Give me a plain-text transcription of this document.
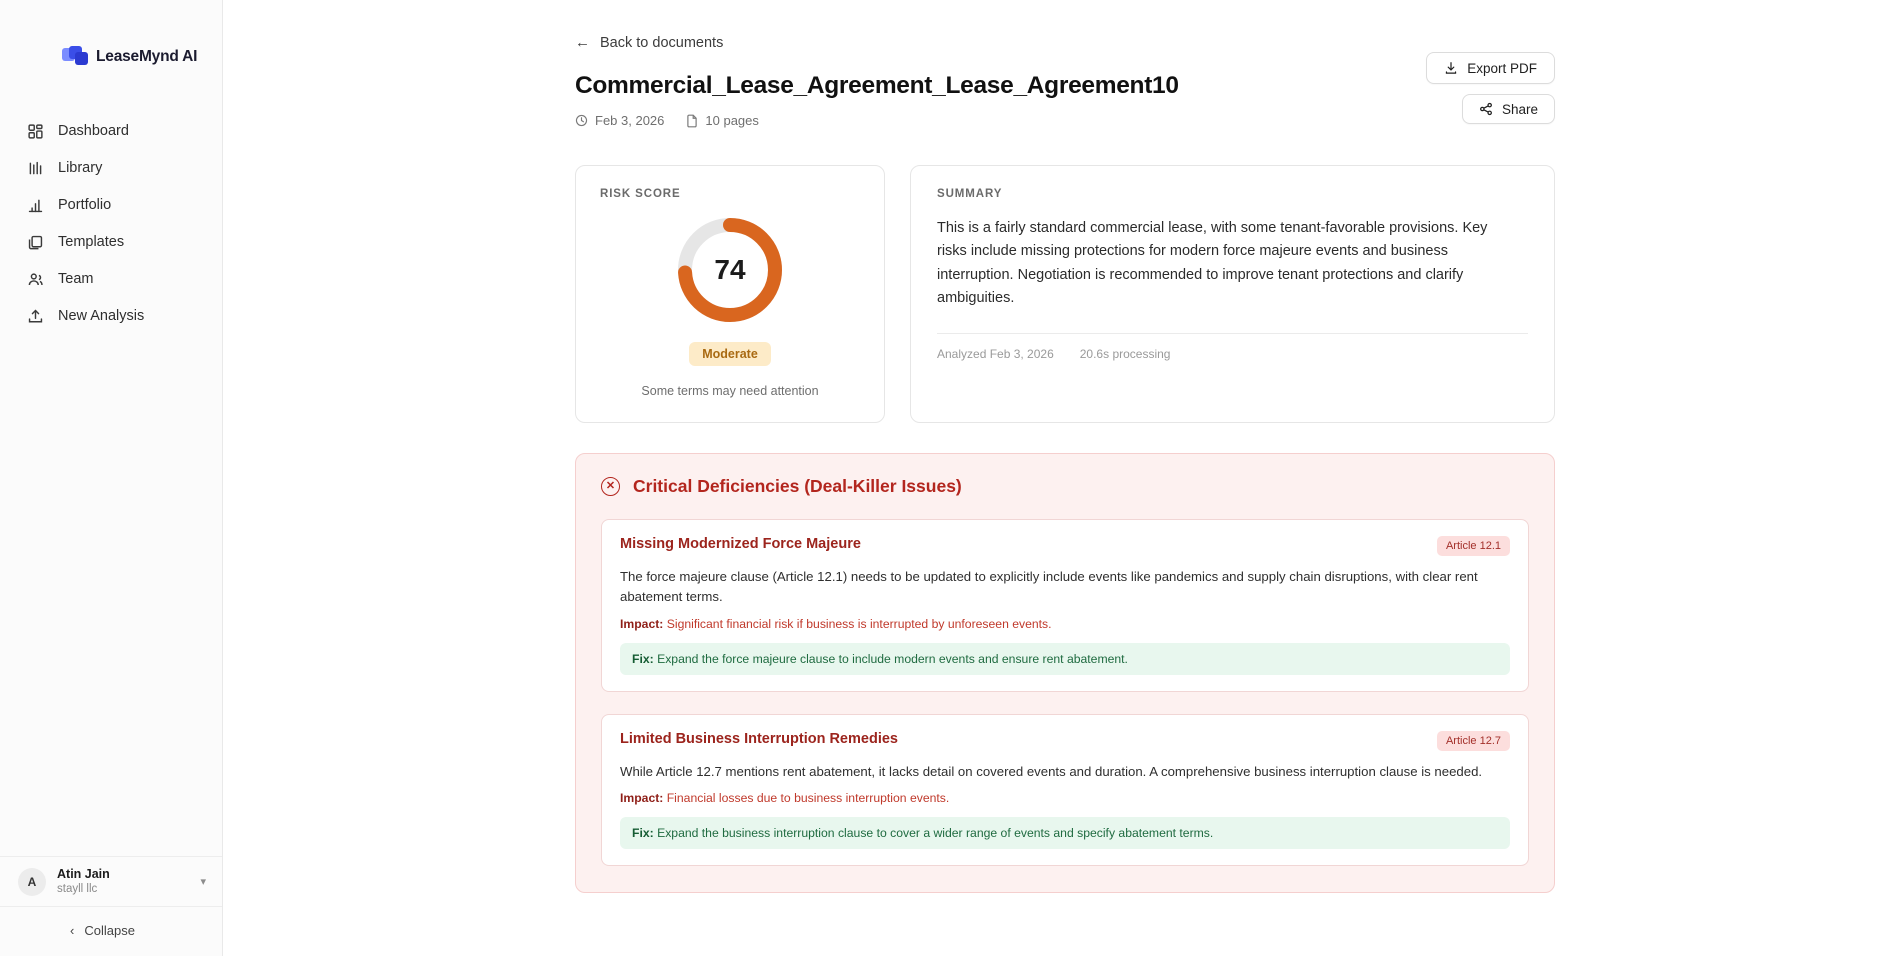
LeaseMynd AI
Dashboard
Library
Portfolio
Templates
Team
New Analysis
A
Atin Jain
stayll llc
▾
‹ Collapse
← Back to documents
Commercial_Lease_Agreement_Lease_Agreement10
Feb 3, 2026	10 pages
Export PDF
Share
RISK SCORE
74
Moderate
Some terms may need attention
SUMMARY

This is a fairly standard commercial lease, with some tenant-favorable provisions. Key risks include missing protections for modern force majeure events and business interruption. Negotiation is recommended to improve tenant protections and clarify ambiguities.

Analyzed Feb 3, 2026 20.6s processing
✕ Critical Deficiencies (Deal-Killer Issues)
Missing Modernized Force Majeure	Article 12.1

The force majeure clause (Article 12.1) needs to be updated to explicitly include events like pandemics and supply chain disruptions, with clear rent abatement terms.

Impact: Significant financial risk if business is interrupted by unforeseen events.

Fix: Expand the force majeure clause to include modern events and ensure rent abatement.
Limited Business Interruption Remedies	Article 12.7

While Article 12.7 mentions rent abatement, it lacks detail on covered events and duration. A comprehensive business interruption clause is needed.

Impact: Financial losses due to business interruption events.

Fix: Expand the business interruption clause to cover a wider range of events and specify abatement terms.
